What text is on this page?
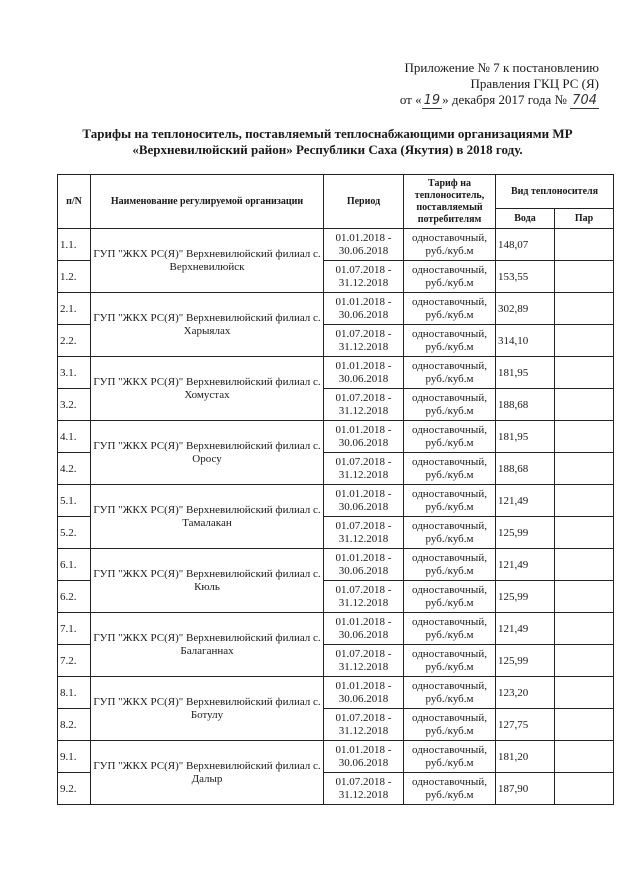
Приложение № 7 к постановлению
Правления ГКЦ РС (Я)
от « 19 » декабря 2017 года № 704
Тарифы на теплоноситель, поставляемый теплоснабжающими организациями МР
«Верхневилюйский район» Республики Саха (Якутия) в 2018 году.
п/N	Наименование регулируемой организации	Период	Тариф на теплоноситель, поставляемый потребителям	Вид теплоносителя	
				Вода	Пар
1.1.	ГУП "ЖКХ РС(Я)" Верхневилюйский филиал с. Верхневилюйск	01.01.2018 - 30.06.2018	одноставочный, руб./куб.м	148,07	
1.2.		01.07.2018 - 31.12.2018	одноставочный, руб./куб.м	153,55	
2.1.	ГУП "ЖКХ РС(Я)" Верхневилюйский филиал с. Харыялах	01.01.2018 - 30.06.2018	одноставочный, руб./куб.м	302,89	
2.2.		01.07.2018 - 31.12.2018	одноставочный, руб./куб.м	314,10	
3.1.	ГУП "ЖКХ РС(Я)" Верхневилюйский филиал с. Хомустах	01.01.2018 - 30.06.2018	одноставочный, руб./куб.м	181,95	
3.2.		01.07.2018 - 31.12.2018	одноставочный, руб./куб.м	188,68	
4.1.	ГУП "ЖКХ РС(Я)" Верхневилюйский филиал с. Оросу	01.01.2018 - 30.06.2018	одноставочный, руб./куб.м	181,95	
4.2.		01.07.2018 - 31.12.2018	одноставочный, руб./куб.м	188,68	
5.1.	ГУП "ЖКХ РС(Я)" Верхневилюйский филиал с. Тамалакан	01.01.2018 - 30.06.2018	одноставочный, руб./куб.м	121,49	
5.2.		01.07.2018 - 31.12.2018	одноставочный, руб./куб.м	125,99	
6.1.	ГУП "ЖКХ РС(Я)" Верхневилюйский филиал с. Кюль	01.01.2018 - 30.06.2018	одноставочный, руб./куб.м	121,49	
6.2.		01.07.2018 - 31.12.2018	одноставочный, руб./куб.м	125,99	
7.1.	ГУП "ЖКХ РС(Я)" Верхневилюйский филиал с. Балаганнах	01.01.2018 - 30.06.2018	одноставочный, руб./куб.м	121,49	
7.2.		01.07.2018 - 31.12.2018	одноставочный, руб./куб.м	125,99	
8.1.	ГУП "ЖКХ РС(Я)" Верхневилюйский филиал с. Ботулу	01.01.2018 - 30.06.2018	одноставочный, руб./куб.м	123,20	
8.2.		01.07.2018 - 31.12.2018	одноставочный, руб./куб.м	127,75	
9.1.	ГУП "ЖКХ РС(Я)" Верхневилюйский филиал с. Далыр	01.01.2018 - 30.06.2018	одноставочный, руб./куб.м	181,20	
9.2.		01.07.2018 - 31.12.2018	одноставочный, руб./куб.м	187,90	
